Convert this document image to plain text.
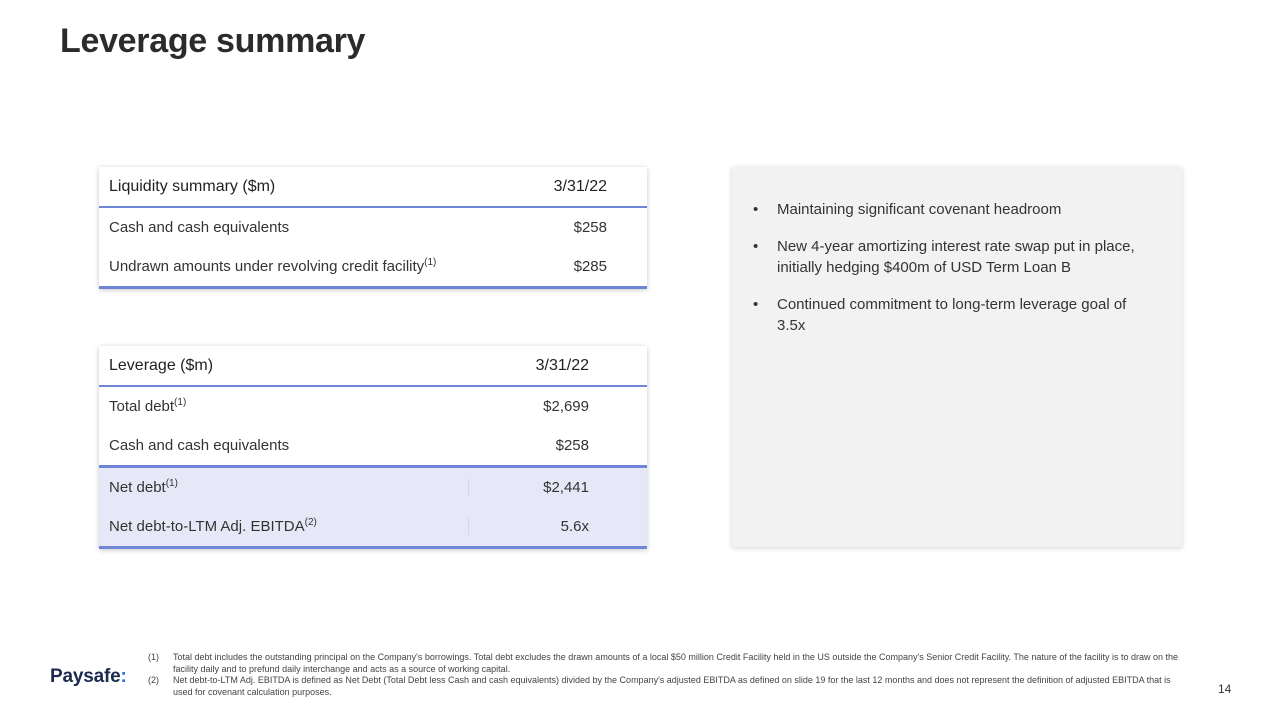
Leverage summary
Liquidity summary ($m)	3/31/22
Cash and cash equivalents	$258
Undrawn amounts under revolving credit facility$^{(1)}$	$285
Leverage ($m)	3/31/22
Total debt$^{(1)}$	$2,699
Cash and cash equivalents	$258
Net debt$^{(1)}$	$2,441
Net debt-to-LTM Adj. EBITDA$^{(2)}$	5.6x
• Maintaining significant covenant headroom
• New 4-year amortizing interest rate swap put in place, initially hedging $400m of USD Term Loan B
• Continued commitment to long-term leverage goal of 3.5x
Paysafe:
(1)	Total debt includes the outstanding principal on the Company's borrowings. Total debt excludes the drawn amounts of a local $50 million Credit Facility held in the US outside the Company's Senior Credit Facility. The nature of the facility is to draw on the facility daily and to prefund daily interchange and acts as a source of working capital.
(2)	Net debt-to-LTM Adj. EBITDA is defined as Net Debt (Total Debt less Cash and cash equivalents) divided by the Company's adjusted EBITDA as defined on slide 19 for the last 12 months and does not represent the definition of adjusted EBITDA that is used for covenant calculation purposes.	14
